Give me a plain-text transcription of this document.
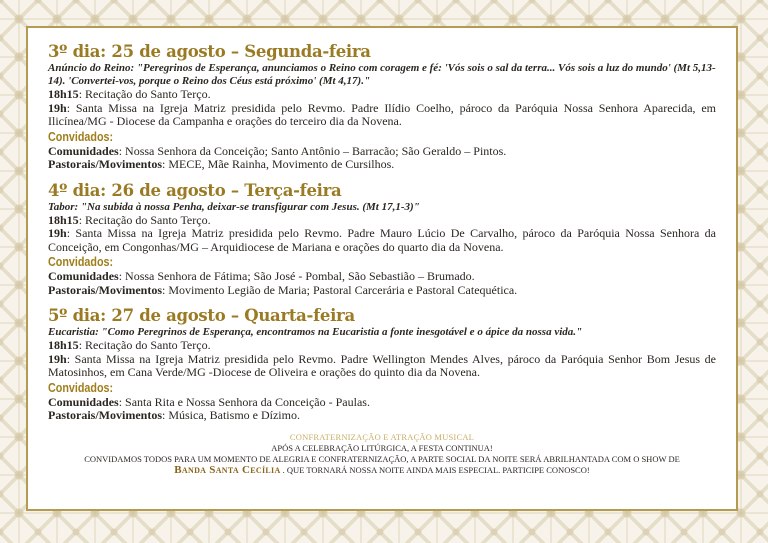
3º dia: 25 de agosto – Segunda-feira

Anúncio do Reino: "Peregrinos de Esperança, anunciamos o Reino com coragem e fé: 'Vós sois o sal da terra... Vós sois a luz do mundo' (Mt 5,13-14). 'Convertei-vos, porque o Reino dos Céus está próximo' (Mt 4,17)."

18h15: Recitação do Santo Terço.

19h: Santa Missa na Igreja Matriz presidida pelo Revmo. Padre Ilídio Coelho, pároco da Paróquia Nossa Senhora Aparecida, em Ilicínea/MG - Diocese da Campanha e orações do terceiro dia da Novena.

Convidados:

Comunidades: Nossa Senhora da Conceição; Santo Antônio – Barracão; São Geraldo – Pintos.

Pastorais/Movimentos: MECE, Mãe Rainha, Movimento de Cursilhos.

4º dia: 26 de agosto – Terça-feira

Tabor: "Na subida à nossa Penha, deixar-se transfigurar com Jesus. (Mt 17,1-3)"

18h15: Recitação do Santo Terço.

19h: Santa Missa na Igreja Matriz presidida pelo Revmo. Padre Mauro Lúcio De Carvalho, pároco da Paróquia Nossa Senhora da Conceição, em Congonhas/MG – Arquidiocese de Mariana e orações do quarto dia da Novena.

Convidados:

Comunidades: Nossa Senhora de Fátima; São José - Pombal, São Sebastião – Brumado.

Pastorais/Movimentos: Movimento Legião de Maria; Pastoral Carcerária e Pastoral Catequética.

5º dia: 27 de agosto – Quarta-feira

Eucaristia: "Como Peregrinos de Esperança, encontramos na Eucaristia a fonte inesgotável e o ápice da nossa vida."

18h15: Recitação do Santo Terço.

19h: Santa Missa na Igreja Matriz presidida pelo Revmo. Padre Wellington Mendes Alves, pároco da Paróquia Senhor Bom Jesus de Matosinhos, em Cana Verde/MG -Diocese de Oliveira e orações do quinto dia da Novena.

Convidados:

Comunidades: Santa Rita e Nossa Senhora da Conceição - Paulas.

Pastorais/Movimentos: Música, Batismo e Dízimo.

CONFRATERNIZAÇÃO E ATRAÇÃO MUSICAL
APÓS A CELEBRAÇÃO LITÚRGICA, A FESTA CONTINUA!
CONVIDAMOS TODOS PARA UM MOMENTO DE ALEGRIA E CONFRATERNIZAÇÃO, A PARTE SOCIAL DA NOITE SERÁ ABRILHANTADA COM O SHOW DE
Banda Santa Cecília . QUE TORNARÁ NOSSA NOITE AINDA MAIS ESPECIAL. PARTICIPE CONOSCO!
